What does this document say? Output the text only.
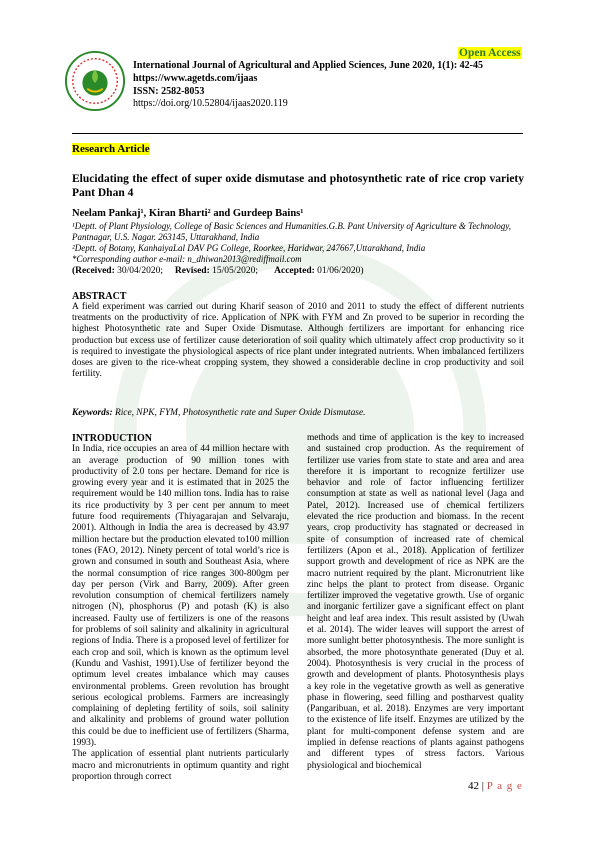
Open Access
International Journal of Agricultural and Applied Sciences, June 2020, 1(1): 42-45
https://www.agetds.com/ijaas
ISSN: 2582-8053
https://doi.org/10.52804/ijaas2020.119
Research Article
Elucidating the effect of super oxide dismutase and photosynthetic rate of rice crop variety Pant Dhan 4
Neelam Pankaj¹, Kiran Bharti² and Gurdeep Bains¹
¹Deptt. of Plant Physiology, College of Basic Sciences and Humanities.G.B. Pant University of Agriculture & Technology, Pantnagar, U.S. Nagar. 263145, Uttarakhand, India
²Deptt. of Botany, KanhaiyaLal DAV PG College, Roorkee, Haridwar, 247667,Uttarakhand, India
*Corresponding author e-mail: n_dhiwan2013@rediffmail.com
(Received: 30/04/2020; Revised: 15/05/2020; Accepted: 01/06/2020)
ABSTRACT
A field experiment was carried out during Kharif season of 2010 and 2011 to study the effect of different nutrients treatments on the productivity of rice. Application of NPK with FYM and Zn proved to be superior in recording the highest Photosynthetic rate and Super Oxide Dismutase. Although fertilizers are important for enhancing rice production but excess use of fertilizer cause deterioration of soil quality which ultimately affect crop productivity so it is required to investigate the physiological aspects of rice plant under integrated nutrients. When imbalanced fertilizers doses are given to the rice-wheat cropping system, they showed a considerable decline in crop productivity and soil fertility.
Keywords: Rice, NPK, FYM, Photosynthetic rate and Super Oxide Dismutase.
INTRODUCTION

In India, rice occupies an area of 44 million hectare with an average production of 90 million tones with productivity of 2.0 tons per hectare. Demand for rice is growing every year and it is estimated that in 2025 the requirement would be 140 million tons. India has to raise its rice productivity by 3 per cent per annum to meet future food requirements (Thiyagarajan and Selvaraju, 2001). Although in India the area is decreased by 43.97 million hectare but the production elevated to100 million tones (FAO, 2012). Ninety percent of total world’s rice is grown and consumed in south and Southeast Asia, where the normal consumption of rice ranges 300-800gm per day per person (Virk and Barry, 2009). After green revolution consumption of chemical fertilizers namely nitrogen (N), phosphorus (P) and potash (K) is also increased. Faulty use of fertilizers is one of the reasons for problems of soil salinity and alkalinity in agricultural regions of India. There is a proposed level of fertilizer for each crop and soil, which is known as the optimum level (Kundu and Vashist, 1991).Use of fertilizer beyond the optimum level creates imbalance which may causes environmental problems. Green revolution has brought serious ecological problems. Farmers are increasingly complaining of depleting fertility of soils, soil salinity and alkalinity and problems of ground water pollution this could be due to inefficient use of fertilizers (Sharma, 1993).

The application of essential plant nutrients particularly macro and micronutrients in optimum quantity and right proportion through correct

methods and time of application is the key to increased and sustained crop production. As the requirement of fertilizer use varies from state to state and area and area therefore it is important to recognize fertilizer use behavior and role of factor influencing fertilizer consumption at state as well as national level (Jaga and Patel, 2012). Increased use of chemical fertilizers elevated the rice production and biomass. In the recent years, crop productivity has stagnated or decreased in spite of consumption of increased rate of chemical fertilizers (Apon et al., 2018). Application of fertilizer support growth and development of rice as NPK are the macro nutrient required by the plant. Micronutrient like zinc helps the plant to protect from disease. Organic fertilizer improved the vegetative growth. Use of organic and inorganic fertilizer gave a significant effect on plant height and leaf area index. This result assisted by (Uwah et al. 2014). The wider leaves will support the arrest of more sunlight better photosynthesis. The more sunlight is absorbed, the more photosynthate generated (Duy et al. 2004). Photosynthesis is very crucial in the process of growth and development of plants. Photosynthesis plays a key role in the vegetative growth as well as generative phase in flowering, seed filling and postharvest quality (Pangaribuan, et al. 2018). Enzymes are very important to the existence of life itself. Enzymes are utilized by the plant for multi-component defense system and are implied in defense reactions of plants against pathogens and different types of stress factors. Various physiological and biochemical

42 | P a g e
